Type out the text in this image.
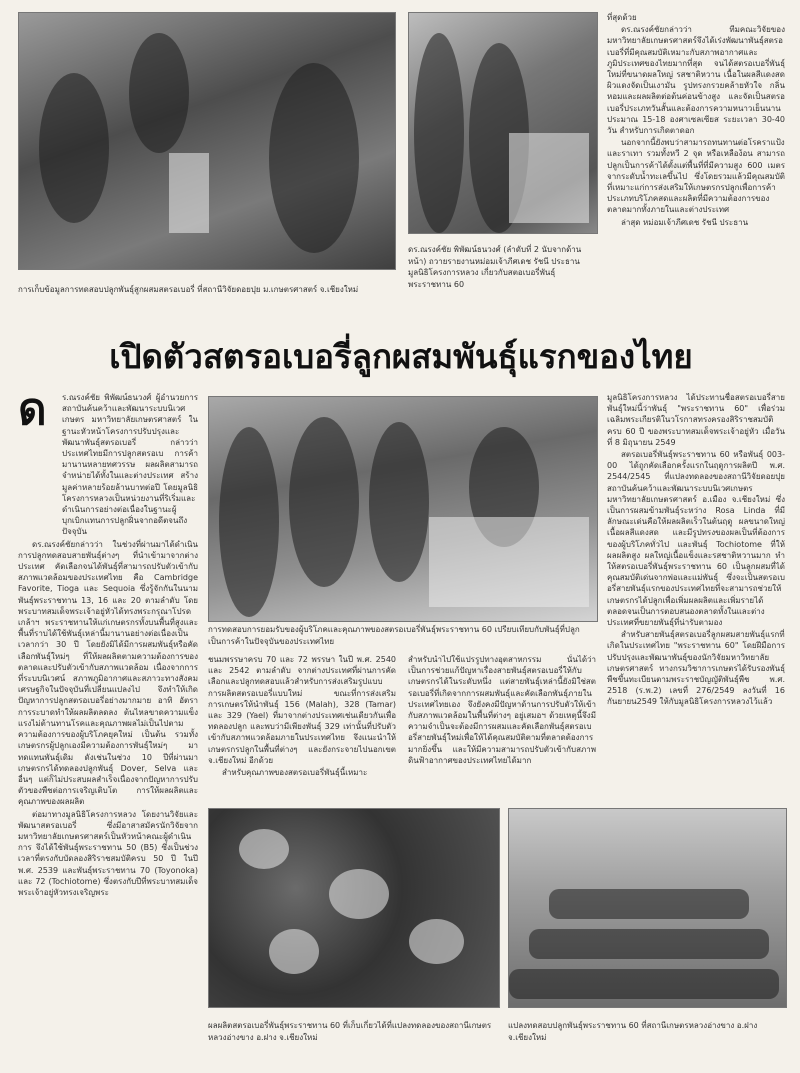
การเก็บข้อมูลการทดสอบปลูกพันธุ์สูกผสมสตรอเบอรี่ ที่สถานีวิจัยดอยปุย ม.เกษตรศาสตร์ จ.เชียงใหม่
ดร.ณรงค์ชัย พิพัฒน์ธนวงศ์ (ลำดับที่ 2 นับจากด้านหน้า) ถวายรายงานหม่อมเจ้าภีศเดช รัชนี ประธานมูลนิธิโครงการหลวง เกี่ยวกับสตอเบอรี่พันธุ์พระราชทาน 60

ที่สุดด้วย

ดร.ณรงค์ชัยกล่าวว่า ทีมคณะวิจัยของมหาวิทยาลัยเกษตรศาสตร์จึงได้เร่งพัฒนาพันธุ์สตรอเบอรี่ที่มีคุณสมบัติเหมาะกับสภาพอากาศและภูมิประเทศของไทยมากที่สุด จนได้สตรอเบอรี่พันธุ์ใหม่ที่ขนาดผลใหญ่ รสชาติหวาน เนื้อในผลสีแดงสด ผิวแดงจัดเป็นเงามัน รูปทรงกรวยคล้ายหัวใจ กลิ่นหอมและผลผลิตต่อต้นค่อนข้างสูง และจัดเป็นสตรอเบอรี่ประเภทวันสั้นและต้องการความหนาวเย็นนานประมาณ 15-18 องศาเซลเซียส ระยะเวลา 30-40 วัน สำหรับการเกิดตาดอก

นอกจากนี้ยังพบว่าสามารถทนทานต่อโรคราแป้ง และราเทา รวมทั้งหวี 2 จุด หรือเหลือง้อน สามารถปลูกเป็นการค้าได้ตั้งแต่พื้นที่ที่มีความสูง 600 เมตรจากระดับน้ำทะเลขึ้นไป ซึ่งโดยรวมแล้วมีคุณสมบัติที่เหมาะแก่การส่งเสริมให้เกษตรกรปลูกเพื่อการค้าประเภทบริโภคสดและผลิตที่มีความต้องการของตลาดมากทั้งภายในและต่างประเทศ

ล่าสุด หม่อมเจ้าภีศเดช รัชนี ประธาน

เปิดตัวสตรอเบอรี่ลูกผสมพันธุ์แรกของไทย
ด	ร.ณรงค์ชัย พิพัฒน์ธนวงศ์ ผู้อำนวยการสถาบันค้นคว้าและพัฒนาระบบนิเวศเกษตร มหาวิทยาลัยเกษตรศาสตร์ ในฐานะหัวหน้าโครงการปรับปรุงและพัฒนาพันธุ์สตรอเบอรี่ กล่าวว่า ประเทศไทยมีการปลูกสตรอเบ การค้ามานานหลายทศวรรษ ผลผลิตสามารถจำหน่ายได้ทั้งในและต่างประเทศ สร้างมูลค่าหลายร้อยล้านบาทต่อปี โดยมูลนิธิโครงการหลวงเป็นหน่วยงานที่ริเริ่มและดำเนินการอย่างต่อเนื่องในฐานะผู้บุกเบิกแทนการปลูกฝิ่นจากอดีตจนถึงปัจจุบัน

ดร.ณรงค์ชัยกล่าวว่า ในช่วงที่ผ่านมาได้ดำเนินการปลูกทดสอบสายพันธุ์ต่างๆ ที่นำเข้ามาจากต่างประเทศ คัดเลือกจนได้พันธุ์ที่สามารถปรับตัวเข้ากับสภาพแวดล้อมของประเทศไทย คือ Cambridge Favorite, Tioga และ Sequoia ซึ่งรู้จักกันในนามพันธุ์พระราชทาน 13, 16 และ 20 ตามลำดับ โดยพระบาทสมเด็จพระเจ้าอยู่หัวได้ทรงพระกรุณาโปรดเกล้าฯ พระราชทานให้แก่เกษตรกรทั้งบนพื้นที่สูงและพื้นที่ราบได้ใช้พันธุ์เหล่านี้มานานอย่างต่อเนื่องเป็นเวลากว่า 30 ปี โดยยังมิได้มีการผสมพันธุ์หรือคัดเลือกพันธุ์ใหม่ๆ ที่ให้ผลผลิตตามความต้องการของตลาดและปรับตัวเข้ากับสภาพแวดล้อม เนื่องจากการที่ระบบนิเวศน์ สภาพภูมิอากาศและสภาวะทางสังคมเศรษฐกิจในปัจจุบันที่เปลี่ยนแปลงไป จึงทำให้เกิดปัญหาการปลูกสตรอเบอรี่อย่างมากมาย อาทิ อัตราการระบาดทำให้ผลผลิตลดลง ต้นไหลขาดความแข็งแรงไม่ต้านทานโรคและคุณภาพผลไม่เป็นไปตามความต้องการของผู้บริโภคยุคใหม่ เป็นต้น รวมทั้งเกษตรกรผู้ปลูกเองมีความต้องการพันธุ์ใหม่ๆ มาทดแทนพันธุ์เดิม ดังเช่นในช่วง 10 ปีที่ผ่านมา เกษตรกรได้ทดลองปลูกพันธุ์ Dover, Selva และอื่นๆ แต่ก็ไม่ประสบผลสำเร็จเนื่องจากปัญหาการปรับตัวของพืชต่อการเจริญเติบโต การให้ผลผลิตและคุณภาพของผลผลิต

ต่อมาทางมูลนิธิโครงการหลวง โดยงานวิจัยและพัฒนาสตรอเบอรี่ ซึ่งมีอาสาสมัครนักวิจัยจากมหาวิทยาลัยเกษตรศาสตร์เป็นหัวหน้าคณะผู้ดำเนินการ จึงได้ใช้พันธุ์พระราชทาน 50 (B5) ซึ่งเป็นช่วงเวลาที่ตรงกับบัดลองสิริราชสมบัติครบ 50 ปี ในปี พ.ศ. 2539 และพันธุ์พระราชทาน 70 (Toyonoka) และ 72 (Tochiotome) ซึ่งตรงกับปีที่พระบาทสมเด็จพระเจ้าอยู่หัวทรงเจริญพระ

การทดสอบการยอมรับของผู้บริโภคและคุณภาพของสตรอเบอรี่พันธุ์พระราชทาน 60 เปรียบเทียบกับพันธุ์ที่ปลูกเป็นการค้าในปัจจุบันของประเทศไทย

ชนมพรรษาครบ 70 และ 72 พรรษา ในปี พ.ศ. 2540 และ 2542 ตามลำดับ จากต่างประเทศที่ผ่านการคัดเลือกและปลูกทดสอบแล้วสำหรับการส่งเสริมรูปแบบการผลิตสตรอเบอรี่แบบใหม่ ขณะที่การส่งเสริมการเกษตรให้นำพันธุ์ 156 (Malah), 328 (Tamar) และ 329 (Yael) ที่มาจากต่างประเทศเช่นเดียวกันเพื่อทดลองปลูก และพบว่ามีเพียงพันธุ์ 329 เท่านั้นที่ปรับตัวเข้ากับสภาพแวดล้อมภายในประเทศไทย จึงแนะนำให้เกษตรกรปลูกในพื้นที่ต่างๆ และยังกระจายไปนอกเขต จ.เชียงใหม่ อีกด้วย

สำหรับคุณภาพของสตรอเบอรี่พันธุ์นี้เหมาะ

สำหรับนำไปใช้แปรรูปทางอุตสาหกรรม นั่นได้ว่าเป็นการช่วยแก้ปัญหาเรื่องสายพันธุ์สตรอเบอรี่ให้กับเกษตรกรได้ในระดับหนึ่ง แต่สายพันธุ์เหล่านี้ยังมิใช่สตรอเบอรี่ที่เกิดจากการผสมพันธุ์และคัดเลือกพันธุ์ภายในประเทศไทยเอง จึงยังคงมีปัญหาด้านการปรับตัวให้เข้ากับสภาพแวดล้อมในพื้นที่ต่างๆ อยู่เสมอฯ ด้วยเหตุนี้จึงมีความจำเป็นจะต้องมีการผสมและคัดเลือกพันธุ์สตรอเบอรี่สายพันธุ์ใหม่เพื่อให้ได้คุณสมบัติตามที่ตลาดต้องการมากยิ่งขึ้น และให้มีความสามารถปรับตัวเข้ากับสภาพดินฟ้าอากาศของประเทศไทยได้มาก

มูลนิธิโครงการหลวง ได้ประทานชื่อสตรอเบอรี่สายพันธุ์ใหม่นี้ว่าพันธุ์ "พระราชทาน 60" เพื่อร่วมเฉลิมพระเกียรติในวโรกาสทรงครองสิริราชสมบัติครบ 60 ปี ของพระบาทสมเด็จพระเจ้าอยู่หัว เมื่อวันที่ 8 มิถุนายน 2549

สตรอเบอรี่พันธุ์พระราชทาน 60 หรือพันธุ์ 003-00 ได้ถูกคัดเลือกครั้งแรกในฤดูการผลิตปี พ.ศ. 2544/2545 ที่แปลงทดลองของสถานีวิจัยดอยปุย สถาบันค้นคว้าและพัฒนาระบบนิเวศเกษตร มหาวิทยาลัยเกษตรศาสตร์ อ.เมือง จ.เชียงใหม่ ซึ่งเป็นการผสมข้ามพันธุ์ระหว่าง Rosa Linda ที่มีลักษณะเด่นคือให้ผลผลิตเร็วในต้นฤดู ผลขนาดใหญ่ เนื้อผลสีแดงสด และมีรูปทรงของผลเป็นที่ต้องการของผู้บริโภคทั่วไป และพันธุ์ Tochiotome ที่ให้ผลผลิตสูง ผลใหญ่เนื้อแข็งและรสชาติหวานมาก ทำให้สตรอเบอรี่พันธุ์พระราชทาน 60 เป็นลูกผสมที่ได้คุณสมบัติเด่นจากพ่อและแม่พันธุ์ ซึ่งจะเป็นสตรอเบอรี่สายพันธุ์แรกของประเทศไทยที่จะสามารถช่วยให้เกษตรกรได้ปลูกเพื่อเพิ่มผลผลิตและเพิ่มรายได้ ตลอดจนเป็นการตอบสนองตลาดทั้งในและต่างประเทศที่ขยายพันธุ์ที่น่ารับตามอง

สำหรับสายพันธุ์สตรอเบอรี่ลูกผสมสายพันธุ์แรกที่เกิดในประเทศไทย "พระราชทาน 60" โดยฝีมือการปรับปรุงและพัฒนาพันธุ์ของนักวิจัยมหาวิทยาลัยเกษตรศาสตร์ ทางกรมวิชาการเกษตรได้รับรองพันธุ์พืชขึ้นทะเบียนตามพระราชบัญญัติพันธุ์พืช พ.ศ. 2518 (ร.พ.2) เลขที่ 276/2549 ลงวันที่ 16 กันยายน2549 ให้กับมูลนิธิโครงการหลวงไว้แล้ว

ผลผลิตสตรอเบอรี่พันธุ์พระราชทาน 60 ที่เก็บเกี่ยวได้ที่แปลงทดลองของสถานีเกษตรหลวงอ่างขาง อ.ฝาง จ.เชียงใหม่
แปลงทดสอบปลูกพันธุ์พระราชทาน 60 ที่สถานีเกษตรหลวงอ่างขาง อ.ฝาง จ.เชียงใหม่
